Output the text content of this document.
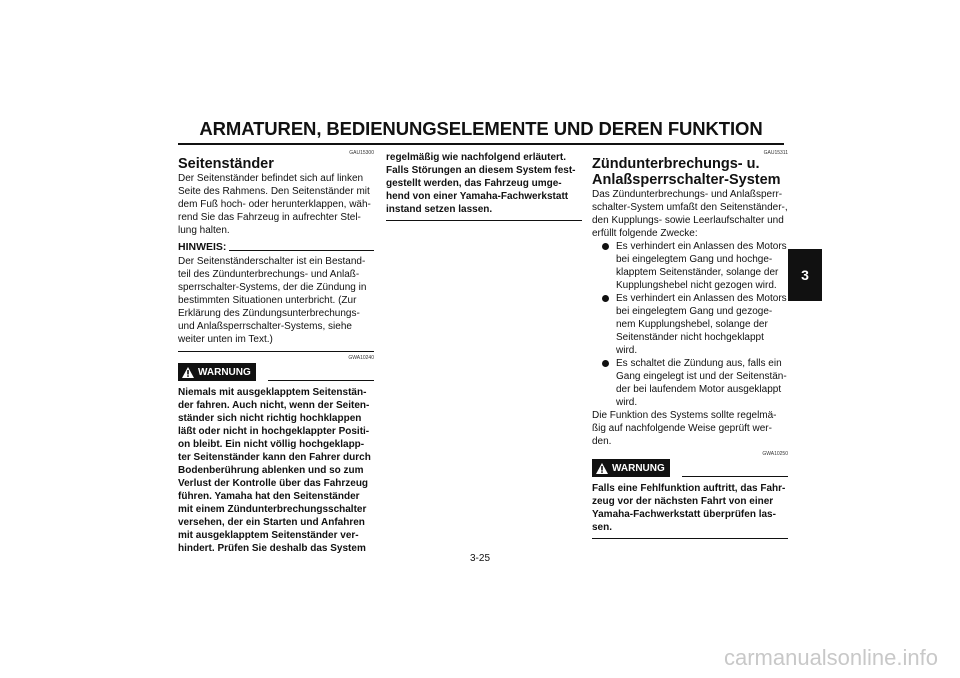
ARMATUREN, BEDIENUNGSELEMENTE UND DEREN FUNKTION
3
GAU15300
Seitenständer

Der Seitenständer befindet sich auf linken

Seite des Rahmens. Den Seitenständer mit

dem Fuß hoch- oder herunterklappen, wäh-

rend Sie das Fahrzeug in aufrechter Stel-

lung halten.

HINWEIS:

Der Seitenständerschalter ist ein Bestand-

teil des Zündunterbrechungs- und Anlaß-

sperrschalter-Systems, der die Zündung in

bestimmten Situationen unterbricht. (Zur

Erklärung des Zündungsunterbrechungs-

und Anlaßsperrschalter-Systems, siehe

weiter unten im Text.)

GWA10240
WARNUNG

Niemals mit ausgeklapptem Seitenstän-

der fahren. Auch nicht, wenn der Seiten-

ständer sich nicht richtig hochklappen

läßt oder nicht in hochgeklappter Positi-

on bleibt. Ein nicht völlig hochgeklapp-

ter Seitenständer kann den Fahrer durch

Bodenberührung ablenken und so zum

Verlust der Kontrolle über das Fahrzeug

führen. Yamaha hat den Seitenständer

mit einem Zündunterbrechungsschalter

versehen, der ein Starten und Anfahren

mit ausgeklapptem Seitenständer ver-

hindert. Prüfen Sie deshalb das System

regelmäßig wie nachfolgend erläutert.

Falls Störungen an diesem System fest-

gestellt werden, das Fahrzeug umge-

hend von einer Yamaha-Fachwerkstatt

instand setzen lassen.

GAU15311
Zündunterbrechungs- u.
Anlaßsperrschalter-System

Das Zündunterbrechungs- und Anlaßsperr-

schalter-System umfaßt den Seitenständer-,

den Kupplungs- sowie Leerlaufschalter und

erfüllt folgende Zwecke:

Es verhindert ein Anlassen des Motors
bei eingelegtem Gang und hochge-
klapptem Seitenständer, solange der
Kupplungshebel nicht gezogen wird.
Es verhindert ein Anlassen des Motors
bei eingelegtem Gang und gezoge-
nem Kupplungshebel, solange der
Seitenständer nicht hochgeklappt
wird.
Es schaltet die Zündung aus, falls ein
Gang eingelegt ist und der Seitenstän-
der bei laufendem Motor ausgeklappt
wird.

Die Funktion des Systems sollte regelmä-

ßig auf nachfolgende Weise geprüft wer-

den.

GWA10250
WARNUNG

Falls eine Fehlfunktion auftritt, das Fahr-

zeug vor der nächsten Fahrt von einer

Yamaha-Fachwerkstatt überprüfen las-

sen.

3-25
carmanualsonline.info
